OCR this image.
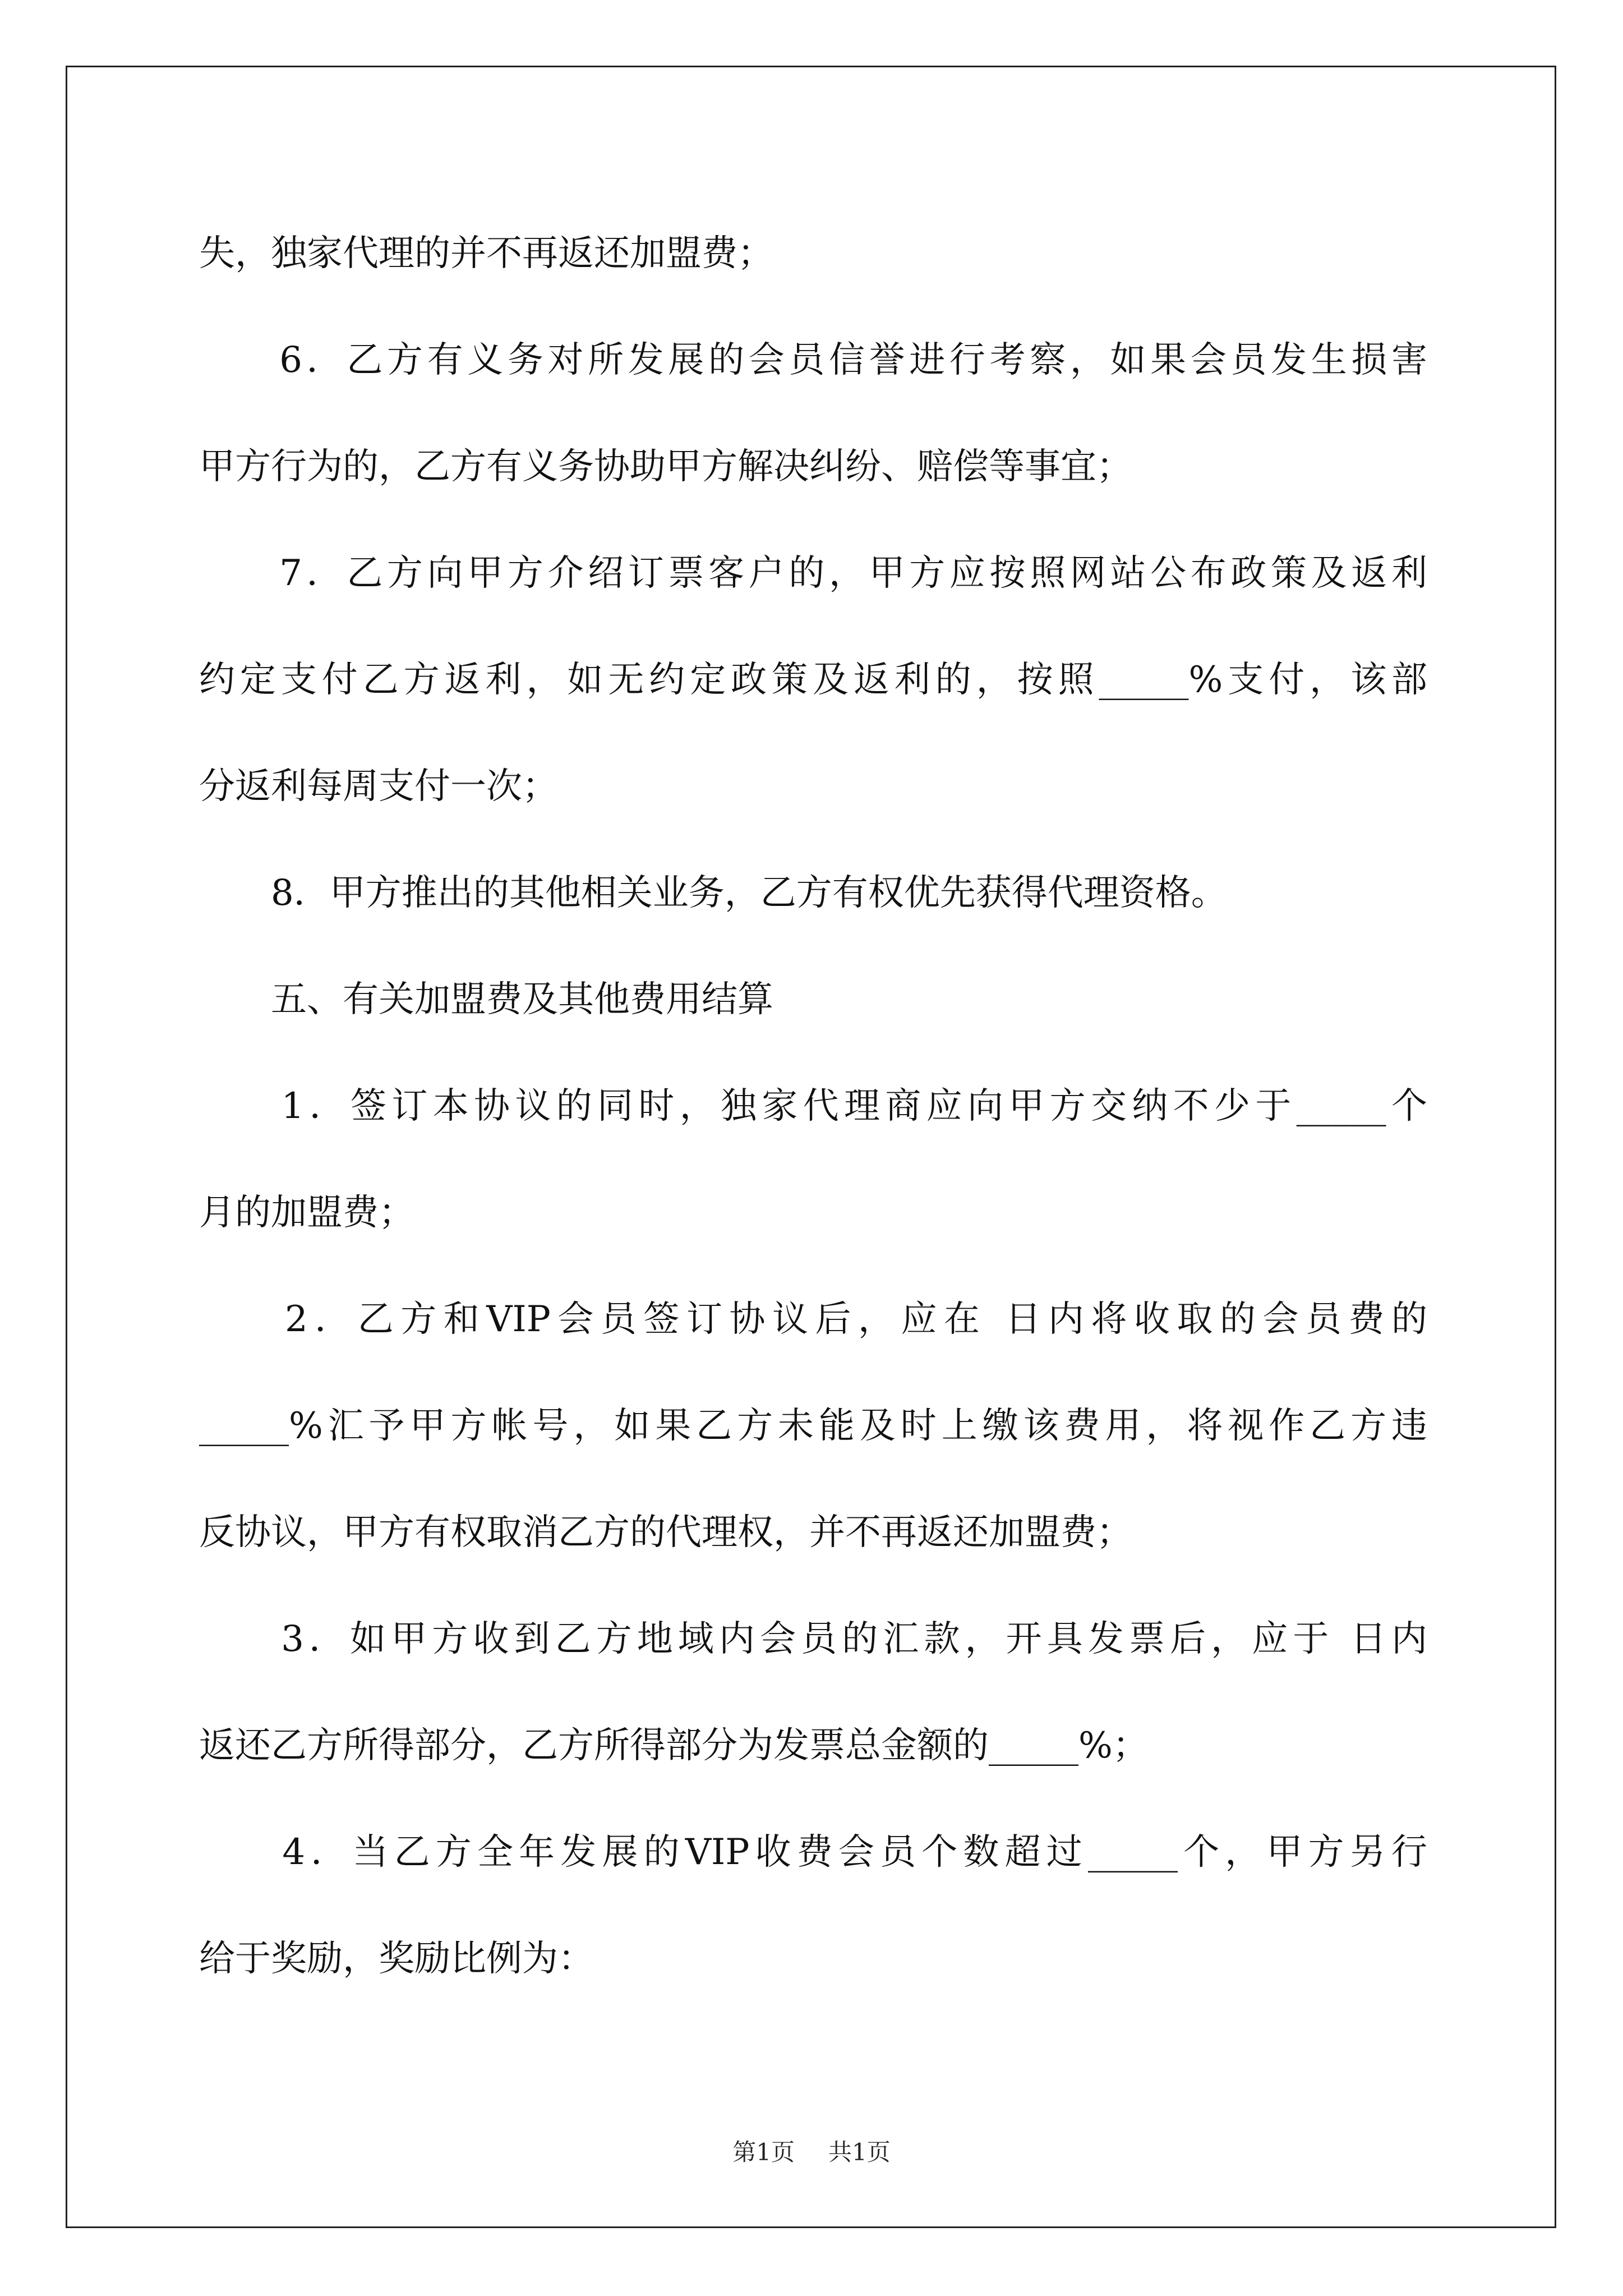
失，独家代理的并不再返还加盟费；
　　6．乙方有义务对所发展的会员信誉进行考察，如果会员发生损害
甲方行为的，乙方有义务协助甲方解决纠纷、赔偿等事宜；
　　7．乙方向甲方介绍订票客户的，甲方应按照网站公布政策及返利
约定支付乙方返利，如无约定政策及返利的，按照_____%支付，该部
分返利每周支付一次；
　　8．甲方推出的其他相关业务，乙方有权优先获得代理资格。
　　五、有关加盟费及其他费用结算
　　1．签订本协议的同时，独家代理商应向甲方交纳不少于_____个
月的加盟费；
　　2．乙方和VIP会员签订协议后，应在 日内将收取的会员费的
_____%汇予甲方帐号，如果乙方未能及时上缴该费用，将视作乙方违
反协议，甲方有权取消乙方的代理权，并不再返还加盟费；
　　3．如甲方收到乙方地域内会员的汇款，开具发票后，应于 日内
返还乙方所得部分，乙方所得部分为发票总金额的_____%；
　　4．当乙方全年发展的VIP收费会员个数超过_____个，甲方另行
给于奖励，奖励比例为：
第1页 共1页
